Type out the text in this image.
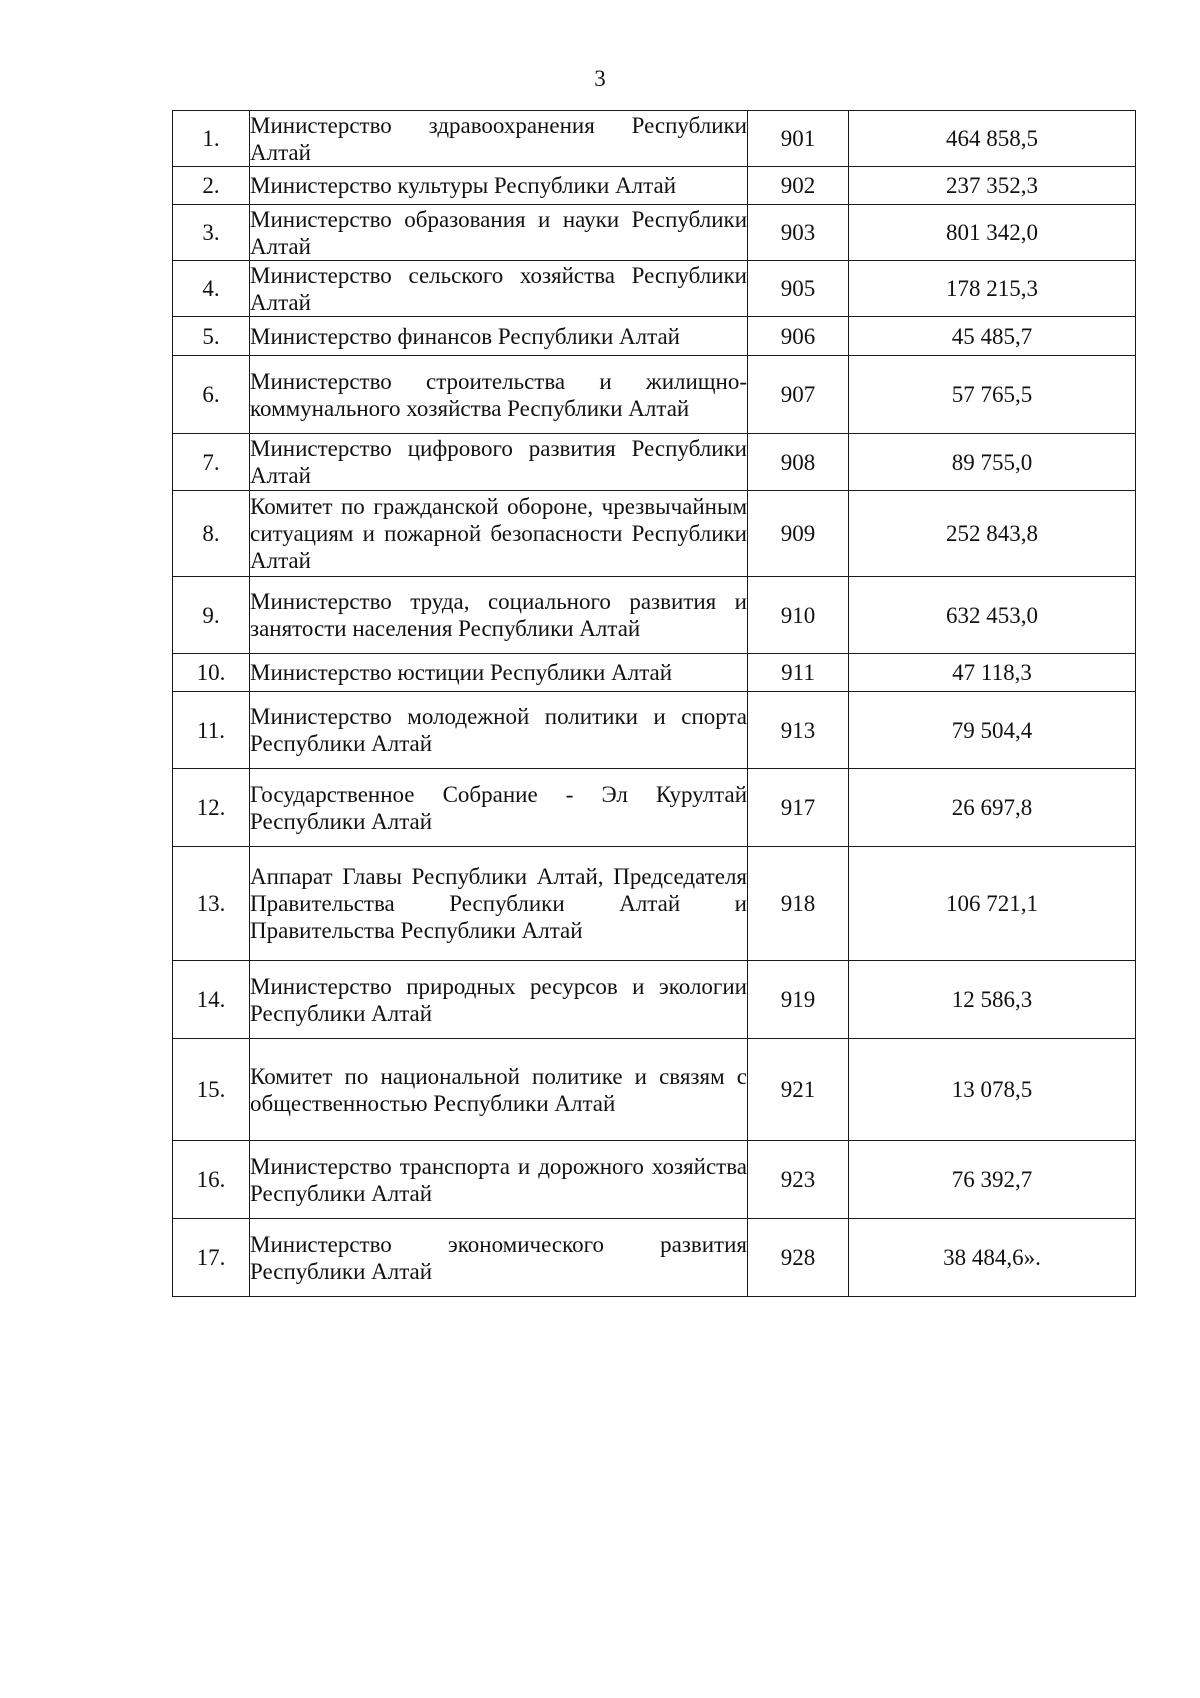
3
1.	Министерство здравоохранения Республики Алтай	901	464 858,5
2.	Министерство культуры Республики Алтай	902	237 352,3
3.	Министерство образования и науки Республики Алтай	903	801 342,0
4.	Министерство сельского хозяйства Республики Алтай	905	178 215,3
5.	Министерство финансов Республики Алтай	906	45 485,7
6.	Министерство строительства и жилищно-коммунального хозяйства Республики Алтай	907	57 765,5
7.	Министерство цифрового развития Республики Алтай	908	89 755,0
8.	Комитет по гражданской обороне, чрезвычайным ситуациям и пожарной безопасности Республики Алтай	909	252 843,8
9.	Министерство труда, социального развития и занятости населения Республики Алтай	910	632 453,0
10.	Министерство юстиции Республики Алтай	911	47 118,3
11.	Министерство молодежной политики и спорта Республики Алтай	913	79 504,4
12.	Государственное Собрание - Эл Курултай Республики Алтай	917	26 697,8
13.	Аппарат Главы Республики Алтай, Председателя Правительства Республики Алтай и Правительства Республики Алтай	918	106 721,1
14.	Министерство природных ресурсов и экологии Республики Алтай	919	12 586,3
15.	Комитет по национальной политике и связям с общественностью Республики Алтай	921	13 078,5
16.	Министерство транспорта и дорожного хозяйства Республики Алтай	923	76 392,7
17.	Министерство экономического развития Республики Алтай	928	38 484,6».
